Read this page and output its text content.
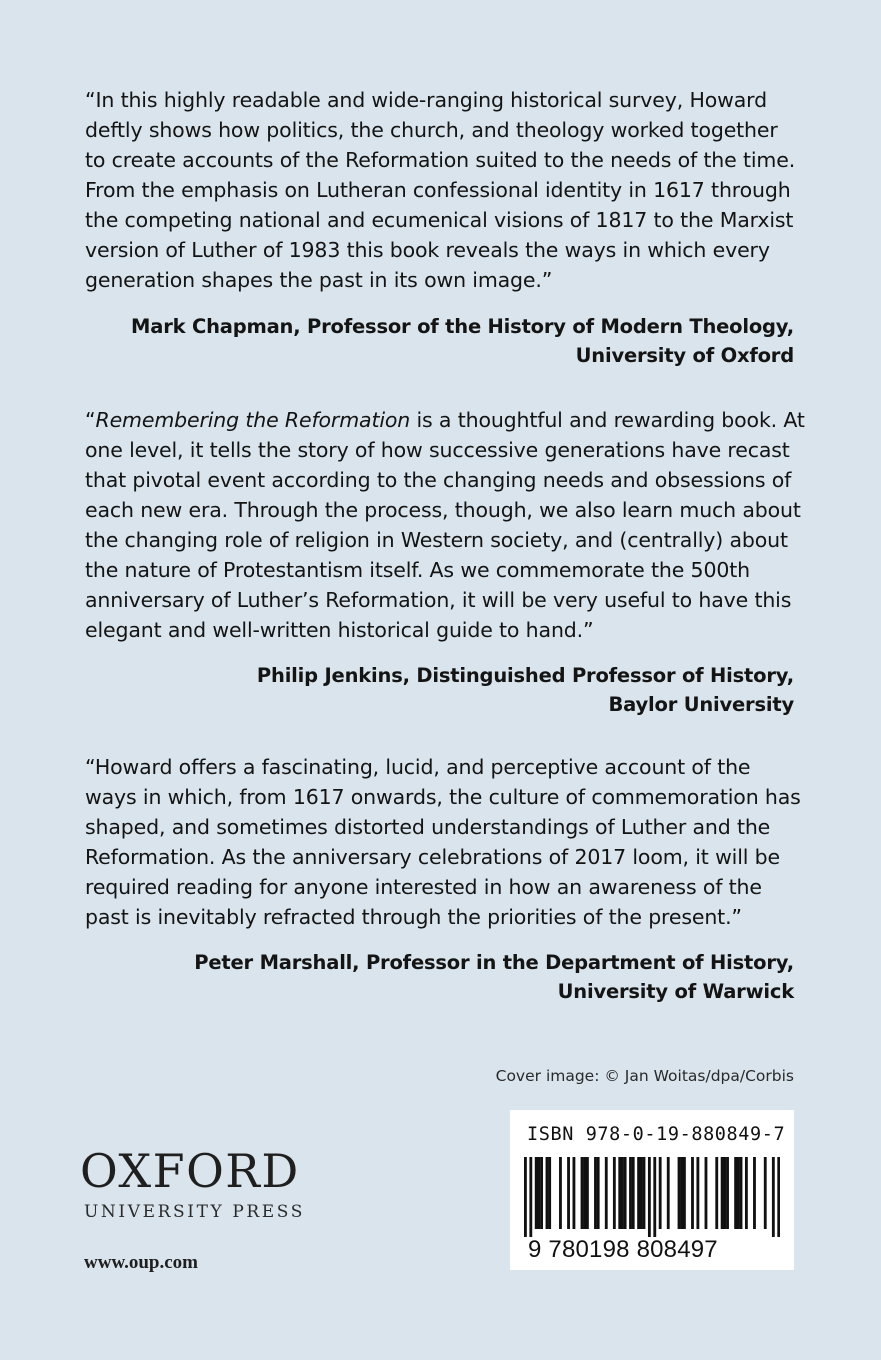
“In this highly readable and wide-ranging historical survey, Howard
deftly shows how politics, the church, and theology worked together
to create accounts of the Reformation suited to the needs of the time.
From the emphasis on Lutheran confessional identity in 1617 through
the competing national and ecumenical visions of 1817 to the Marxist
version of Luther of 1983 this book reveals the ways in which every
generation shapes the past in its own image.”

Mark Chapman, Professor of the History of Modern Theology,
University of Oxford

“Remembering the Reformation is a thoughtful and rewarding book. At
one level, it tells the story of how successive generations have recast
that pivotal event according to the changing needs and obsessions of
each new era. Through the process, though, we also learn much about
the changing role of religion in Western society, and (centrally) about
the nature of Protestantism itself. As we commemorate the 500th
anniversary of Luther’s Reformation, it will be very useful to have this
elegant and well-written historical guide to hand.”

Philip Jenkins, Distinguished Professor of History,
Baylor University

“Howard offers a fascinating, lucid, and perceptive account of the
ways in which, from 1617 onwards, the culture of commemoration has
shaped, and sometimes distorted understandings of Luther and the
Reformation. As the anniversary celebrations of 2017 loom, it will be
required reading for anyone interested in how an awareness of the
past is inevitably refracted through the priorities of the present.”

Peter Marshall, Professor in the Department of History,
University of Warwick
Cover image: © Jan Woitas/dpa/Corbis
OXFORD
UNIVERSITY PRESS
www.oup.com
ISBN 978-0-19-880849-7
9 780198 808497
